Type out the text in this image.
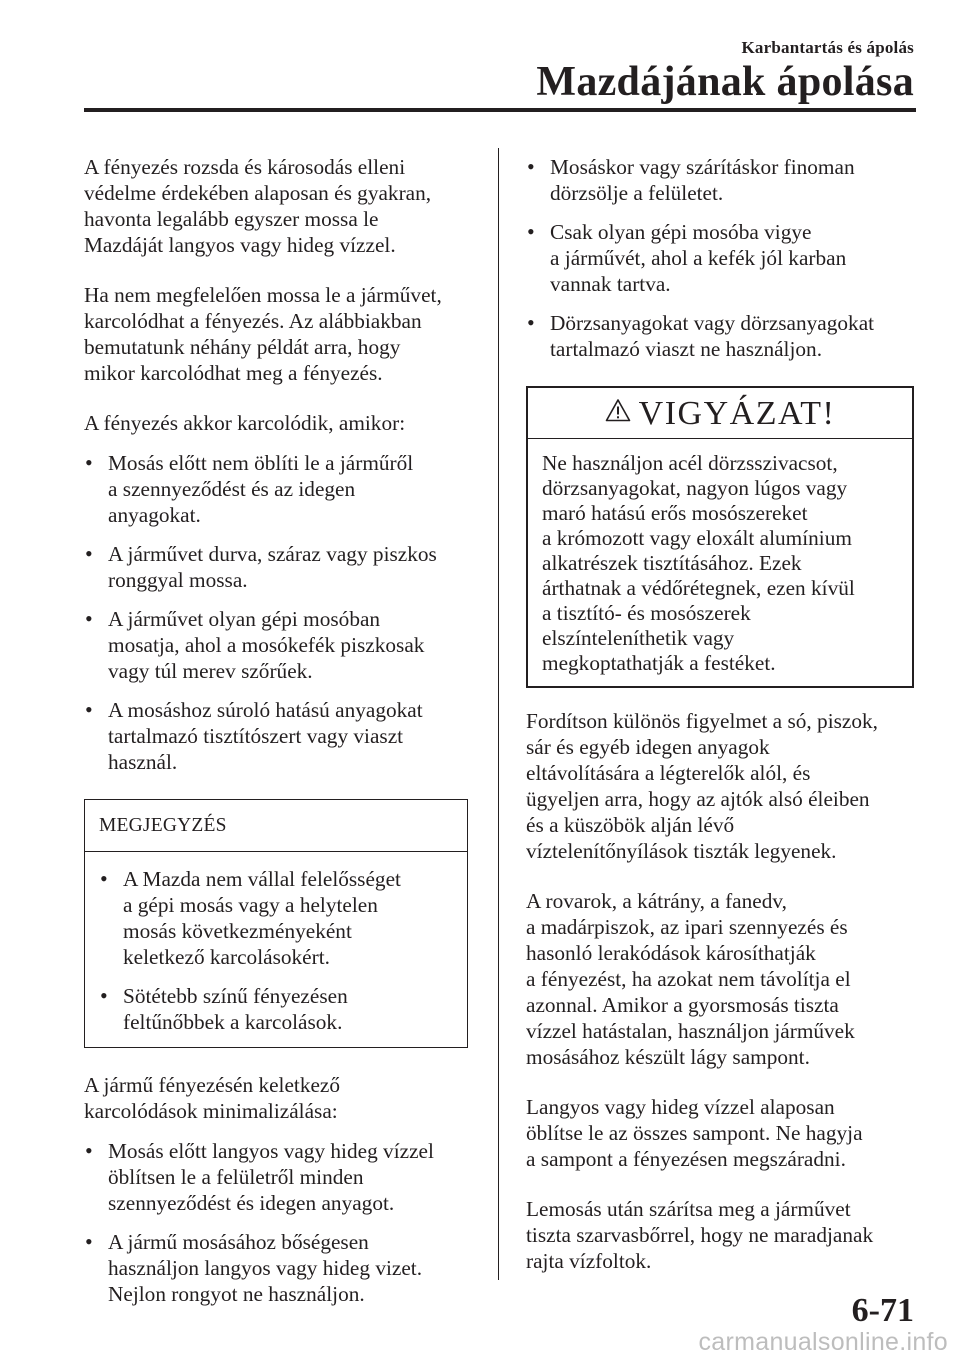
Karbantartás és ápolás
Mazdájának ápolása

A fényezés rozsda és károsodás elleni
védelme érdekében alaposan és gyakran,
havonta legalább egyszer mossa le
Mazdáját langyos vagy hideg vízzel.

Ha nem megfelelően mossa le a járművet,
karcolódhat a fényezés. Az alábbiakban
bemutatunk néhány példát arra, hogy
mikor karcolódhat meg a fényezés.

A fényezés akkor karcolódik, amikor:

• Mosás előtt nem öblíti le a járműről
a szennyeződést és az idegen
anyagokat.
• A járművet durva, száraz vagy piszkos
ronggyal mossa.
• A járművet olyan gépi mosóban
mosatja, ahol a mosókefék piszkosak
vagy túl merev szőrűek.
• A mosáshoz súroló hatású anyagokat
tartalmazó tisztítószert vagy viaszt
használ.
MEGJEGYZÉS
• A Mazda nem vállal felelősséget
a gépi mosás vagy a helytelen
mosás következményeként
keletkező karcolásokért.
• Sötétebb színű fényezésen
feltűnőbbek a karcolások.

A jármű fényezésén keletkező
karcolódások minimalizálása:

• Mosás előtt langyos vagy hideg vízzel
öblítsen le a felületről minden
szennyeződést és idegen anyagot.
• A jármű mosásához bőségesen
használjon langyos vagy hideg vizet.
Nejlon rongyot ne használjon.
• Mosáskor vagy szárításkor finoman
dörzsölje a felületet.
• Csak olyan gépi mosóba vigye
a járművét, ahol a kefék jól karban
vannak tartva.
• Dörzsanyagokat vagy dörzsanyagokat
tartalmazó viaszt ne használjon.
VIGYÁZAT!
Ne használjon acél dörzsszivacsot,
dörzsanyagokat, nagyon lúgos vagy
maró hatású erős mosószereket
a krómozott vagy eloxált alumínium
alkatrészek tisztításához. Ezek
árthatnak a védőrétegnek, ezen kívül
a tisztító- és mosószerek
elszínteleníthetik vagy
megkoptathatják a festéket.

Fordítson különös figyelmet a só, piszok,
sár és egyéb idegen anyagok
eltávolítására a légterelők alól, és
ügyeljen arra, hogy az ajtók alsó éleiben
és a küszöbök alján lévő
víztelenítőnyílások tiszták legyenek.

A rovarok, a kátrány, a fanedv,
a madárpiszok, az ipari szennyezés és
hasonló lerakódások károsíthatják
a fényezést, ha azokat nem távolítja el
azonnal. Amikor a gyorsmosás tiszta
vízzel hatástalan, használjon járművek
mosásához készült lágy sampont.

Langyos vagy hideg vízzel alaposan
öblítse le az összes sampont. Ne hagyja
a sampont a fényezésen megszáradni.

Lemosás után szárítsa meg a járművet
tiszta szarvasbőrrel, hogy ne maradjanak
rajta vízfoltok.

6-71
carmanualsonline.info
